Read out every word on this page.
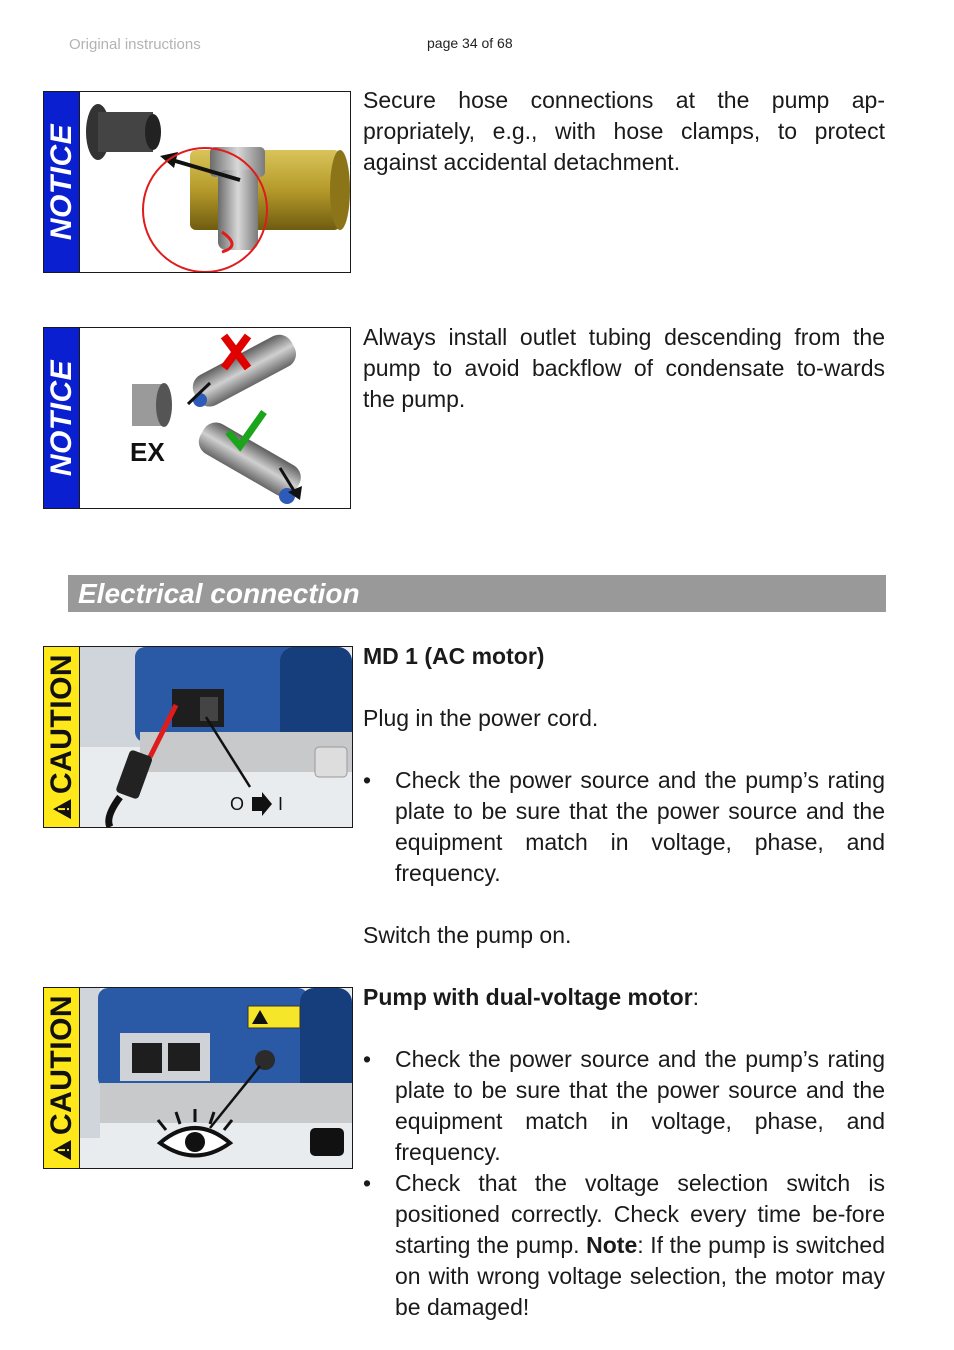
Original instructions	page 34 of 68
NOTICE
Secure hose connections at the pump ap-propriately, e.g., with hose clamps, to protect against accidental detachment.
NOTICE EX
Always install outlet tubing descending from the pump to avoid backflow of condensate to-wards the pump.
Electrical connection
CAUTION
O I

MD 1 (AC motor)

Plug in the power cord.

• Check the power source and the pump’s rating plate to be sure that the power source and the equipment match in voltage, phase, and frequency.

Switch the pump on.

CAUTION	Pump with dual-voltage motor:

• Check the power source and the pump’s rating plate to be sure that the power source and the equipment match in voltage, phase, and frequency.
• Check that the voltage selection switch is positioned correctly. Check every time be-fore starting the pump. Note: If the pump is switched on with wrong voltage selection, the motor may be damaged!
